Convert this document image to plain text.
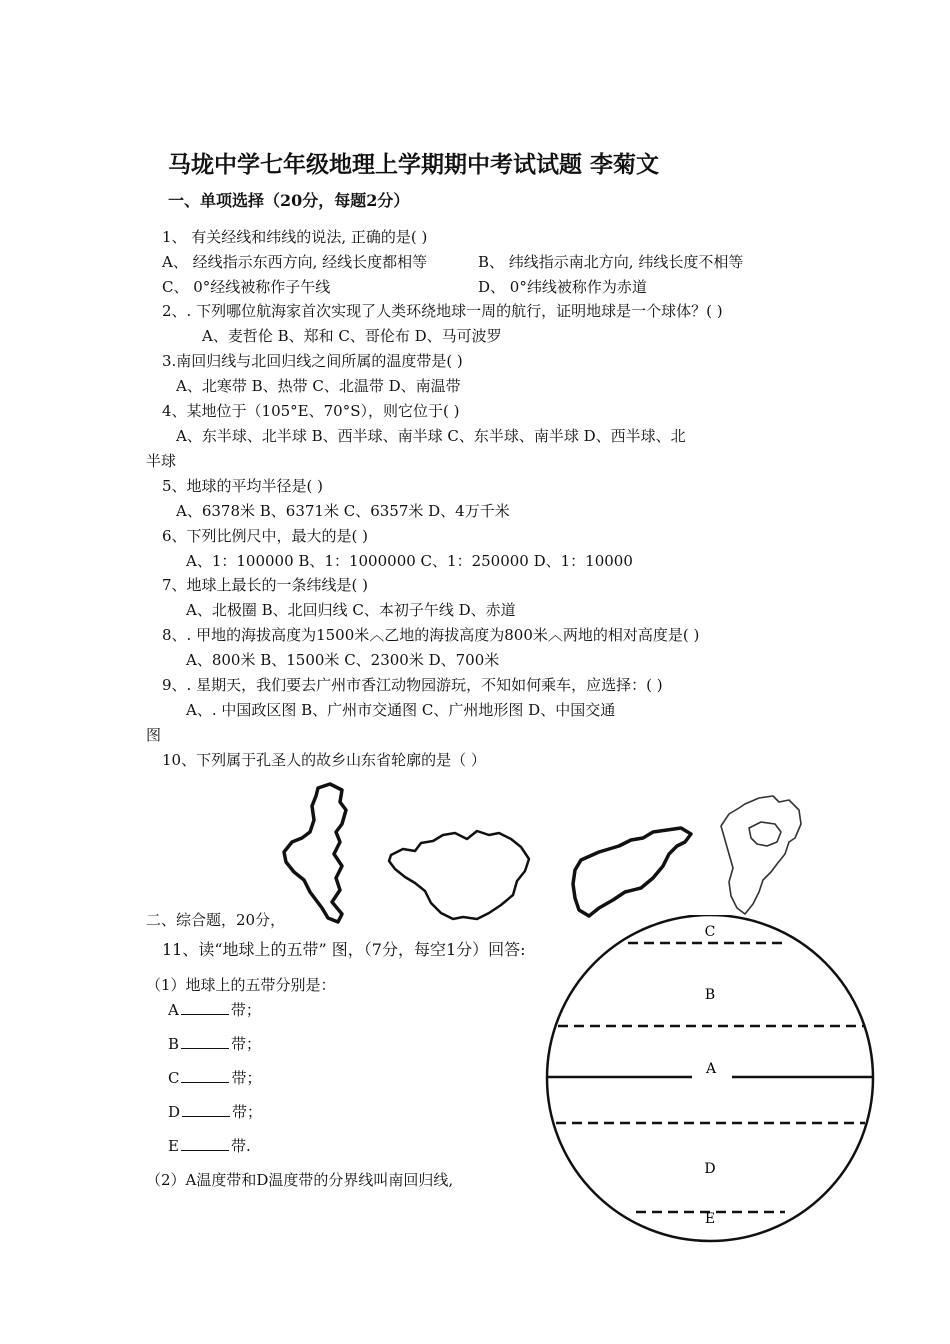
马垅中学七年级地理上学期期中考试试题 李菊文
一、单项选择（20分，每题2分）
1、 有关经线和纬线的说法, 正确的是( )
A、 经线指示东西方向, 经线长度都相等	B、 纬线指示南北方向, 纬线长度不相等
C、 0°经线被称作子午线	D、 0°纬线被称作为赤道
2、. 下列哪位航海家首次实现了人类环绕地球一周的航行，证明地球是一个球体？( )
A、麦哲伦 B、郑和 C、哥伦布 D、马可波罗
3.南回归线与北回归线之间所属的温度带是( )
A、北寒带 B、热带 C、北温带 D、南温带
4、某地位于（105°E、70°S），则它位于( )
A、东半球、北半球 B、西半球、南半球 C、东半球、南半球 D、西半球、北
半球
5、地球的平均半径是( )
A、6378米 B、6371米 C、6357米 D、4万千米
6、下列比例尺中，最大的是( )
A、1：100000 B、1：1000000 C、1：250000 D、1：10000
7、地球上最长的一条纬线是( )
A、北极圈 B、北回归线 C、本初子午线 D、赤道
8、. 甲地的海拔高度为1500米︿乙地的海拔高度为800米︿两地的相对高度是( )
A、800米 B、1500米 C、2300米 D、700米
9、. 星期天，我们要去广州市香江动物园游玩，不知如何乘车，应选择：( )
A、. 中国政区图 B、广州市交通图 C、广州地形图 D、中国交通
图
10、下列属于孔圣人的故乡山东省轮廓的是（ ）
二、综合题，20分，
11、读“地球上的五带” 图，（7分，每空1分）回答:
（1）地球上的五带分别是：
A	带；
B	带；
C	带；
D	带；
E	带.
（2）A温度带和D温度带的分界线叫南回归线,
C
B
A
D
E
